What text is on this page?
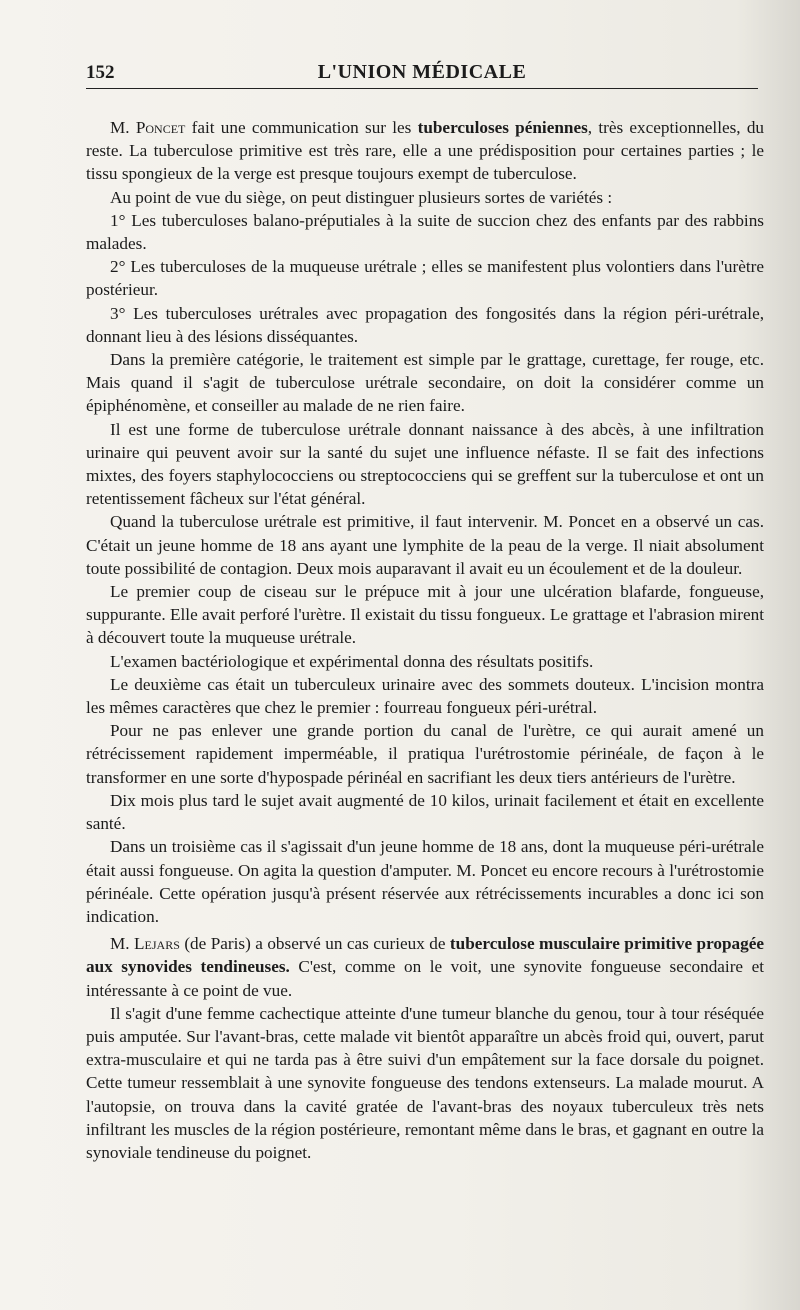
152	L'UNION MÉDICALE

M. Poncet fait une communication sur les tuberculoses péniennes, très exceptionnelles, du reste. La tuberculose primitive est très rare, elle a une prédisposition pour certaines parties ; le tissu spongieux de la verge est presque toujours exempt de tuberculose.

Au point de vue du siège, on peut distinguer plusieurs sortes de variétés :

1° Les tuberculoses balano-préputiales à la suite de succion chez des enfants par des rabbins malades.

2° Les tuberculoses de la muqueuse urétrale ; elles se manifestent plus volontiers dans l'urètre postérieur.

3° Les tuberculoses urétrales avec propagation des fongosités dans la région péri-urétrale, donnant lieu à des lésions disséquantes.

Dans la première catégorie, le traitement est simple par le grattage, curettage, fer rouge, etc. Mais quand il s'agit de tuberculose urétrale secondaire, on doit la considérer comme un épiphénomène, et conseiller au malade de ne rien faire.

Il est une forme de tuberculose urétrale donnant naissance à des abcès, à une infiltration urinaire qui peuvent avoir sur la santé du sujet une influence néfaste. Il se fait des infections mixtes, des foyers staphylococciens ou streptococciens qui se greffent sur la tuberculose et ont un retentissement fâcheux sur l'état général.

Quand la tuberculose urétrale est primitive, il faut intervenir. M. Poncet en a observé un cas. C'était un jeune homme de 18 ans ayant une lymphite de la peau de la verge. Il niait absolument toute possibilité de contagion. Deux mois auparavant il avait eu un écoulement et de la douleur.

Le premier coup de ciseau sur le prépuce mit à jour une ulcération blafarde, fongueuse, suppurante. Elle avait perforé l'urètre. Il existait du tissu fongueux. Le grattage et l'abrasion mirent à découvert toute la muqueuse urétrale.

L'examen bactériologique et expérimental donna des résultats positifs.

Le deuxième cas était un tuberculeux urinaire avec des sommets douteux. L'incision montra les mêmes caractères que chez le premier : fourreau fongueux péri-urétral.

Pour ne pas enlever une grande portion du canal de l'urètre, ce qui aurait amené un rétrécissement rapidement imperméable, il pratiqua l'urétrostomie périnéale, de façon à le transformer en une sorte d'hypospade périnéal en sacrifiant les deux tiers antérieurs de l'urètre.

Dix mois plus tard le sujet avait augmenté de 10 kilos, urinait facilement et était en excellente santé.

Dans un troisième cas il s'agissait d'un jeune homme de 18 ans, dont la muqueuse péri-urétrale était aussi fongueuse. On agita la question d'amputer. M. Poncet eu encore recours à l'urétrostomie périnéale. Cette opération jusqu'à présent réservée aux rétrécissements incurables a donc ici son indication.

M. Lejars (de Paris) a observé un cas curieux de tuberculose musculaire primitive propagée aux synovides tendineuses. C'est, comme on le voit, une synovite fongueuse secondaire et intéressante à ce point de vue.

Il s'agit d'une femme cachectique atteinte d'une tumeur blanche du genou, tour à tour réséquée puis amputée. Sur l'avant-bras, cette malade vit bientôt apparaître un abcès froid qui, ouvert, parut extra-musculaire et qui ne tarda pas à être suivi d'un empâtement sur la face dorsale du poignet. Cette tumeur ressemblait à une synovite fongueuse des tendons extenseurs. La malade mourut. A l'autopsie, on trouva dans la cavité gratée de l'avant-bras des noyaux tuberculeux très nets infiltrant les muscles de la région postérieure, remontant même dans le bras, et gagnant en outre la synoviale tendineuse du poignet.
